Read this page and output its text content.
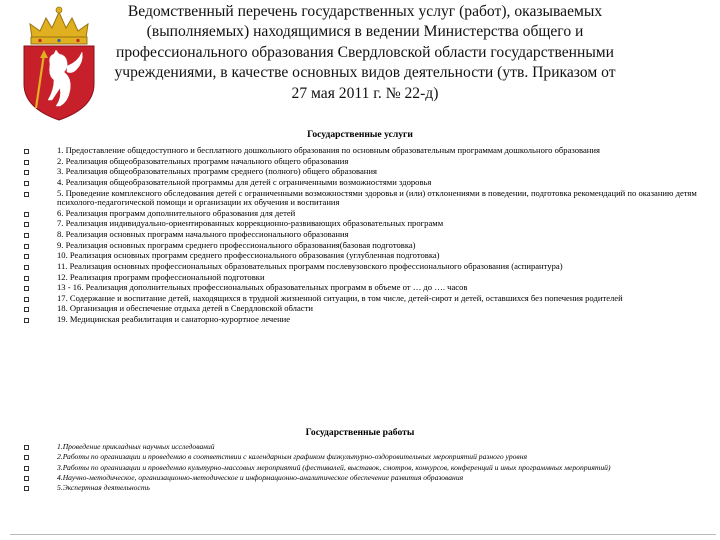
Ведомственный перечень государственных услуг (работ), оказываемых (выполняемых) находящимися в ведении Министерства общего и профессионального образования Свердловской области государственными учреждениями, в качестве основных видов деятельности (утв. Приказом от 27 мая 2011 г. № 22-д)
Государственные услуги
1. Предоставление общедоступного и бесплатного дошкольного образования по основным образовательным программам дошкольного образования
2. Реализация общеобразовательных программ начального общего образования
3. Реализация общеобразовательных программ среднего (полного) общего образования
4. Реализация общеобразовательной программы для детей с ограниченными возможностями здоровья
5. Проведение комплексного обследования детей с ограниченными возможностями здоровья и (или) отклонениями в поведении, подготовка рекомендаций по оказанию детям психолого-педагогической помощи и организации их обучения и воспитания
6. Реализация программ дополнительного образования для детей
7. Реализация индивидуально-ориентированных коррекционно-развивающих образовательных программ
8. Реализация основных программ начального профессионального образования
9. Реализация основных программ среднего профессионального образования(базовая подготовка)
10. Реализация основных программ среднего профессионального образования (углубленная подготовка)
11. Реализация основных профессиональных образовательных программ послевузовского профессионального образования (аспирантура)
12. Реализация программ профессиональной подготовки
13 - 16. Реализация дополнительных профессиональных образовательных программ в объеме от … до …. часов
17. Содержание и воспитание детей, находящихся в трудной жизненной ситуации, в том числе, детей-сирот и детей, оставшихся без попечения родителей
18. Организация и обеспечение отдыха детей в Свердловской области
19. Медицинская реабилитация и санаторно-курортное лечение
Государственные работы
1.Проведение прикладных научных исследований
2.Работы по организации и проведению в соответствии с календарным графиком физкультурно-оздоровительных мероприятий разного уровня
3.Работы по организации и проведению культурно-массовых мероприятий (фестивалей, выставок, смотров, конкурсов, конференций и иных программных мероприятий)
4.Научно-методическое, организационно-методическое и информационно-аналитическое обеспечение развития образования
5.Экспертная деятельность
